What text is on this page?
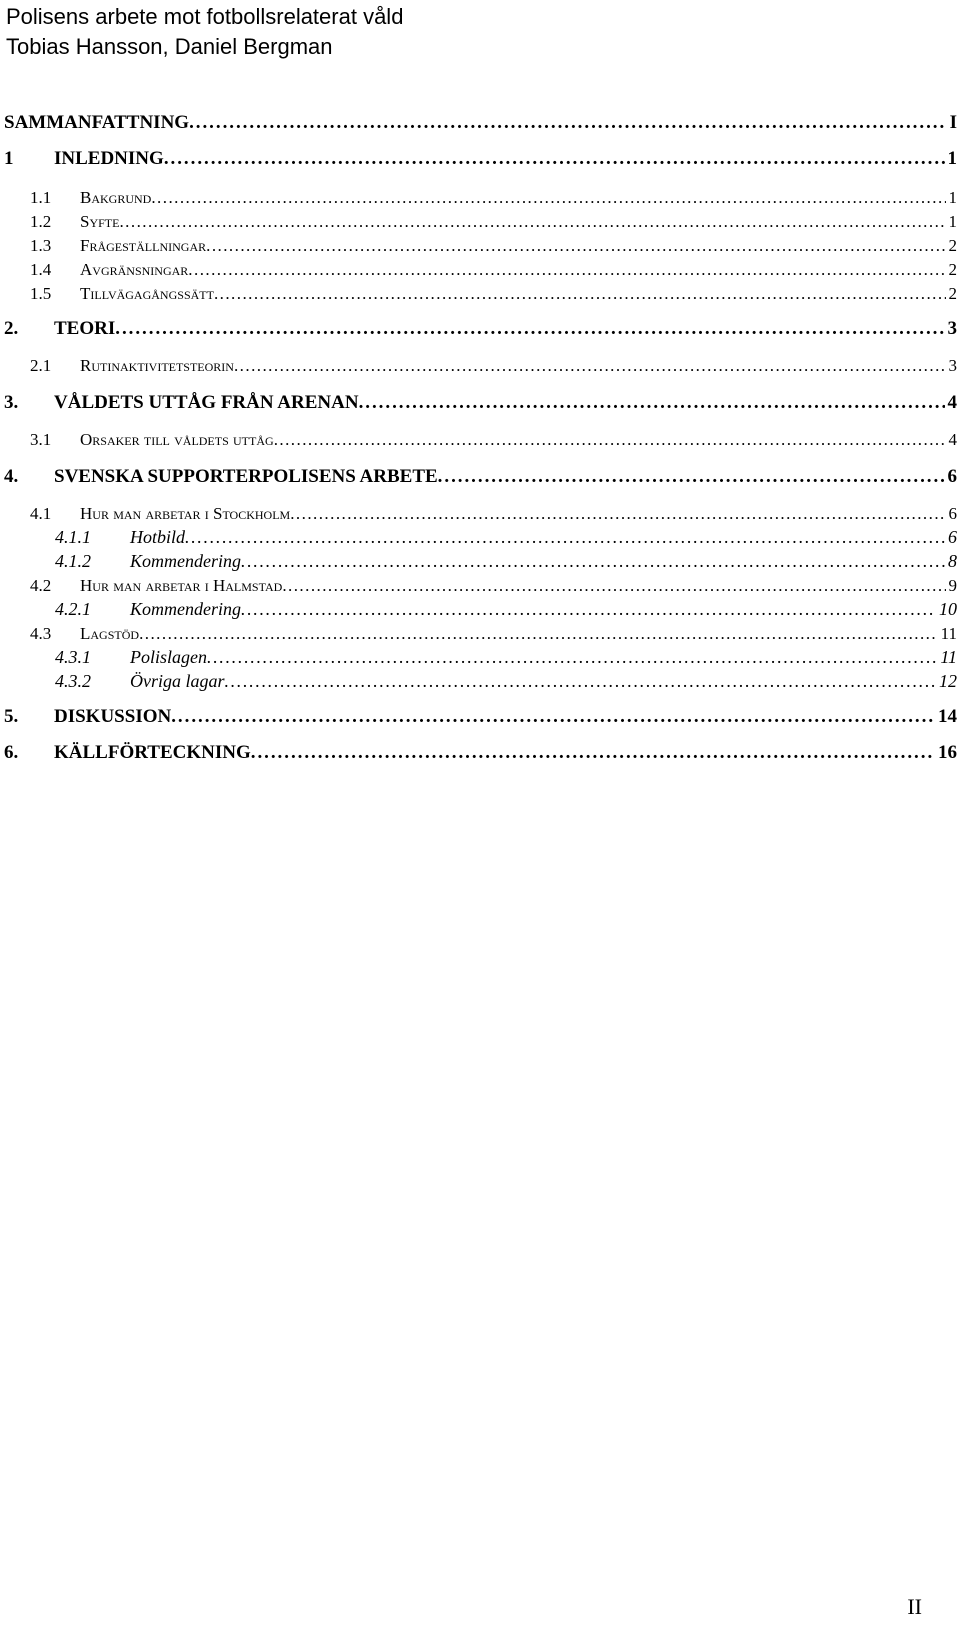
Polisens arbete mot fotbollsrelaterat våld
Tobias Hansson, Daniel Bergman
SAMMANFATTNING . . .	I
1	INLEDNING . . .	1
1.1	Bakgrund . . .	1
1.2	Syfte . . .	1
1.3	Frågeställningar . . .	2
1.4	Avgränsningar . . .	2
1.5	Tillvägagångssätt . . .	2
2.	TEORI . . .	3
2.1	Rutinaktivitetsteorin . . .	3
3.	VÅLDETS UTTÅG FRÅN ARENAN . . .	4
3.1	Orsaker till våldets uttåg . . .	4
4.	SVENSKA SUPPORTERPOLISENS ARBETE . . .	6
4.1	Hur man arbetar i Stockholm . . .	6
4.1.1	Hotbild . . .	6
4.1.2	Kommendering . . .	8
4.2	Hur man arbetar i Halmstad . . .	9
4.2.1	Kommendering . . .	10
4.3	Lagstöd . . .	11
4.3.1	Polislagen . . .	11
4.3.2	Övriga lagar . . .	12
5.	DISKUSSION . . .	14
6.	KÄLLFÖRTECKNING . . .	16
II
